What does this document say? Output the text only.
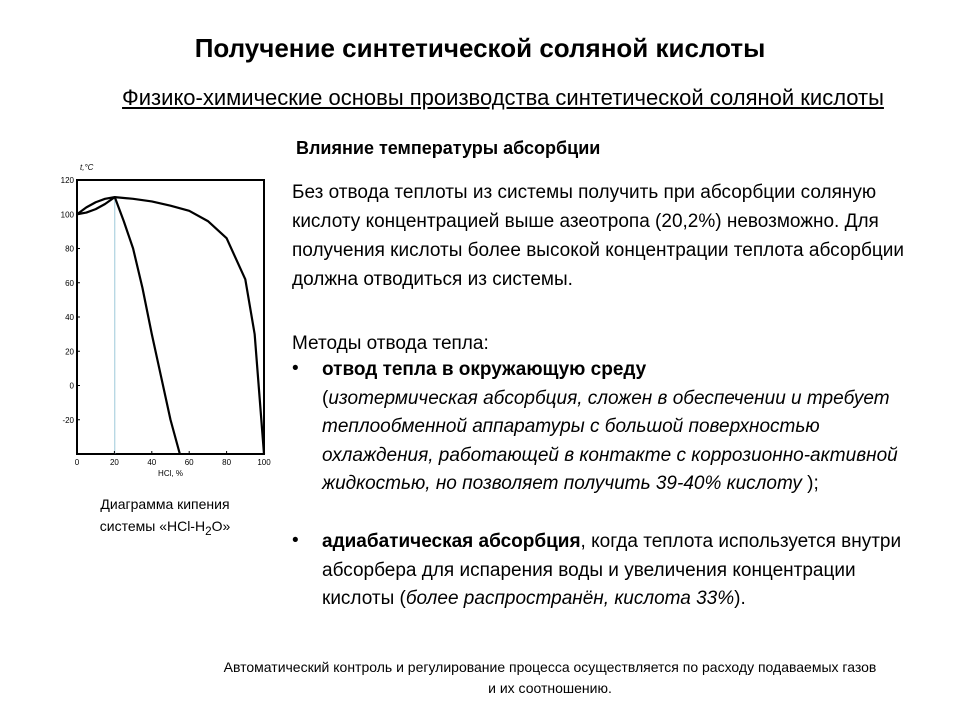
Получение синтетической соляной кислоты
Физико-химические основы производства синтетической соляной кислоты
Влияние температуры абсорбции
Без отвода теплоты из системы получить при абсорбции соляную кислоту концентрацией выше азеотропа (20,2%) невозможно. Для получения кислоты более высокой концентрации теплота абсорбции должна отводиться из системы.
Методы отвода тепла:
• отвод тепла в окружающую среду
(изотермическая абсорбция, сложен в обеспечении и требует теплообменной аппаратуры с большой поверхностью охлаждения, работающей в контакте с коррозионно-активной жидкостью, но позволяет получить 39-40% кислоту );
• адиабатическая абсорбция, когда теплота используется внутри абсорбера для испарения воды и увеличения концентрации кислоты (более распространён, кислота 33%).
Автоматический контроль и регулирование процесса осуществляется по расходу подаваемых газов и их соотношению.
Диаграмма кипения
системы «$HCl-H_2O$»
120
100
80
60
40
20
0
-20
0	20	40	60	80	100
t,°C
HCl, %
